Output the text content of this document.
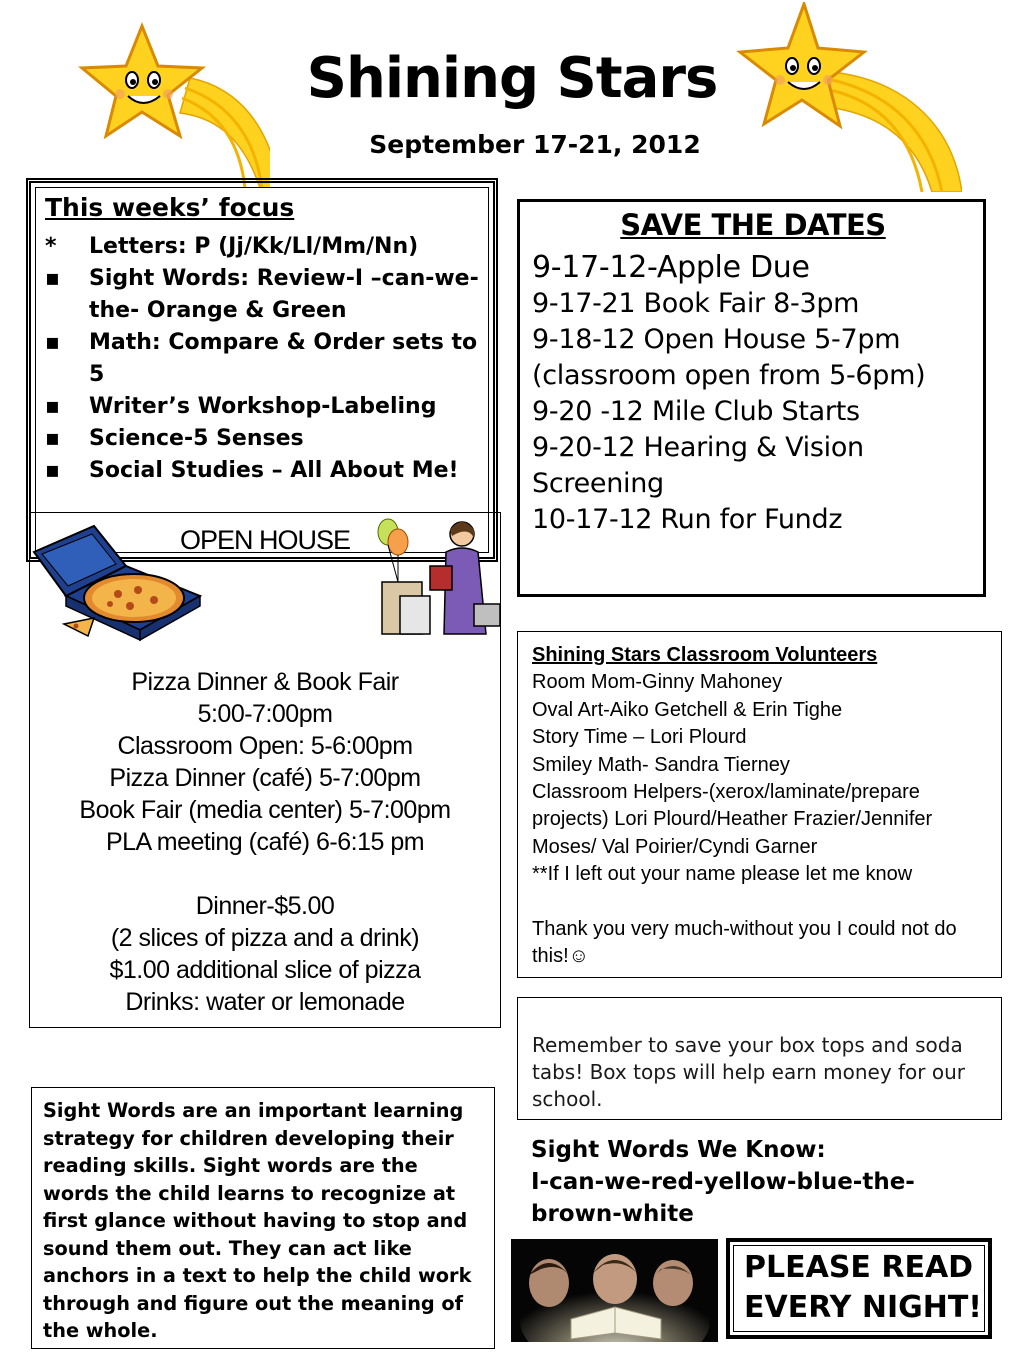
Shining Stars
September 17-21, 2012
This weeks’ focus
*	Letters: P (Jj/Kk/Ll/Mm/Nn)
▪	Sight Words: Review-I –can-we-the- Orange & Green
▪	Math: Compare & Order sets to 5
▪	Writer’s Workshop-Labeling
▪	Science-5 Senses
▪	Social Studies – All About Me!
OPEN HOUSE
Pizza Dinner & Book Fair
5:00-7:00pm
Classroom Open: 5-6:00pm
Pizza Dinner (café) 5-7:00pm
Book Fair (media center) 5-7:00pm
PLA meeting (café) 6-6:15 pm
Dinner-$5.00
(2 slices of pizza and a drink)
$1.00 additional slice of pizza
Drinks: water or lemonade
SAVE THE DATES
9-17-12-Apple Due
9-17-21 Book Fair 8-3pm
9-18-12 Open House 5-7pm (classroom open from 5-6pm)
9-20 -12 Mile Club Starts
9-20-12 Hearing & Vision Screening
10-17-12 Run for Fundz
Shining Stars Classroom Volunteers
Room Mom-Ginny Mahoney
Oval Art-Aiko Getchell & Erin Tighe
Story Time – Lori Plourd
Smiley Math- Sandra Tierney
Classroom Helpers-(xerox/laminate/prepare projects) Lori Plourd/Heather Frazier/Jennifer Moses/ Val Poirier/Cyndi Garner
**If I left out your name please let me know
Thank you very much-without you I could not do this!☺
Remember to save your box tops and soda tabs! Box tops will help earn money for our school.
Sight Words We Know:
I-can-we-red-yellow-blue-the-brown-white
Sight Words are an important learning strategy for children developing their reading skills. Sight words are the words the child learns to recognize at first glance without having to stop and sound them out. They can act like anchors in a text to help the child work through and figure out the meaning of the whole.
PLEASE READ
EVERY NIGHT!
